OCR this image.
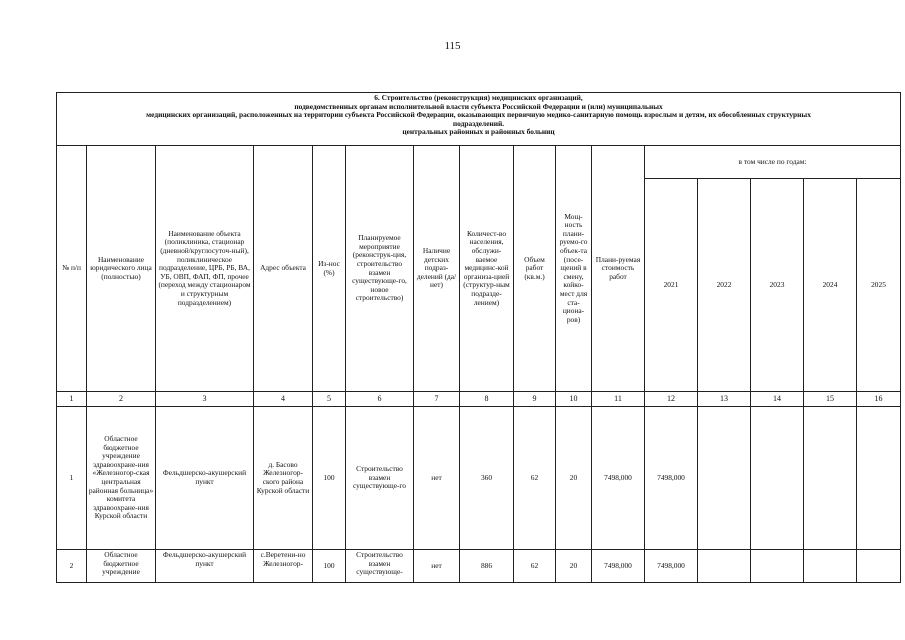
115
6. Строительство (реконструкция) медицинских организаций,
подведомственных органам исполнительной власти субъекта Российской Федерации и (или) муниципальных
медицинских организаций, расположенных на территории субъекта Российской Федерации, оказывающих первичную медико-санитарную помощь взрослым и детям, их обособленных структурных
подразделений.
центральных районных и районных больниц															

№ п/п	Наименование юридического лица (полностью)	Наименование объекта (поликлиника, стационар (дневной/круглосуточ-ный), поликлиническое подразделение, ЦРБ, РБ, ВА, УБ, ОВП, ФАП, ФП, прочее (переход между стационаром и структурным подразделением)	Адрес объекта	Из-нос (%)	Планируемое мероприятие (реконструк-ция, строительство взамен существующе-го, новое строительство)	Наличие детских подраз-делений (да/нет)	Количест-во населения, обслужи-ваемое медицинс-кой организа-цией (структур-ным подразде-лением)	Объем работ (кв.м.)	Мощ-ность плани-руемо-го объек-та (посе-щений в смену, койко-мест для ста-циона-ров)	Плани-руемая стоимость работ	в том числе по годам:				
											2021	2022	2023	2024	2025
1	2	3	4	5	6	7	8	9	10	11	12	13	14	15	16
1	Областное бюджетное учреждение здравоохране-ния «Железногор-ская центральная районная больница» комитета здравоохране-ния Курской области	Фельдшерско-акушерский пункт	д. Басово Железногор-ского района Курской области	100	Строительство взамен существующе-го	нет	360	62	20	7498,000	7498,000				
2	Областное бюджетное учреждение	Фельдшерско-акушерский пункт	с.Веретени-но Железногор-	100	Строительство взамен существующе-	нет	886	62	20	7498,000	7498,000				
